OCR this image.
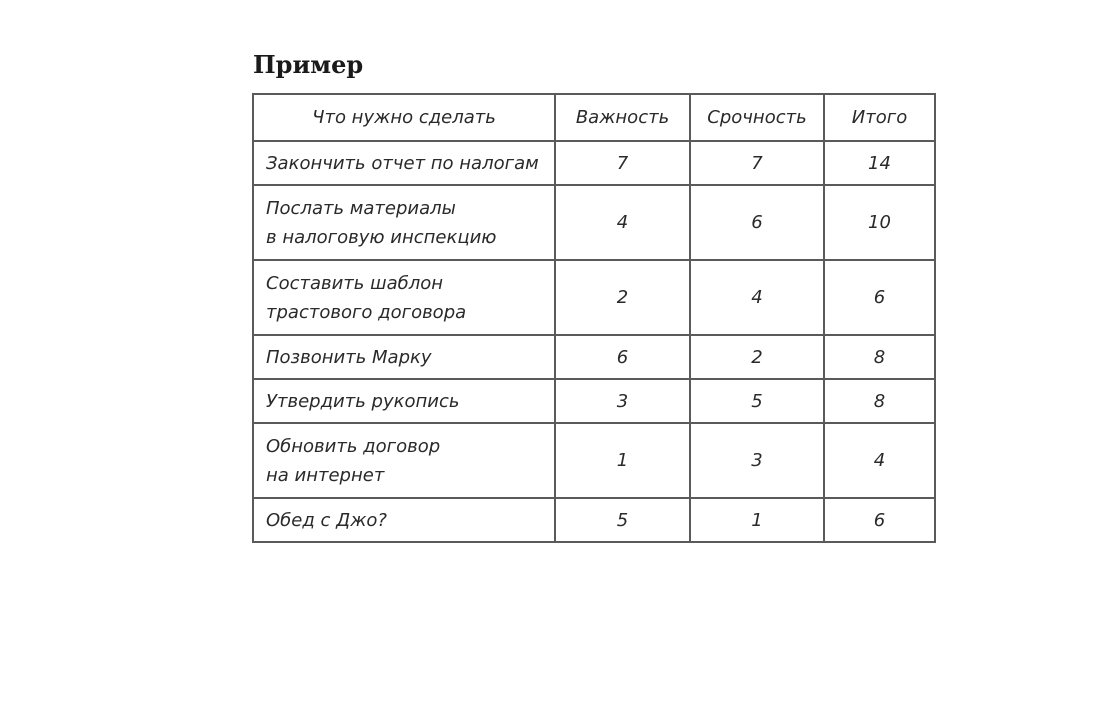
Пример
Что нужно сделать	Важность	Срочность	Итого

Закончить отчет по налогам	7	7	14

Послать материалы
в налоговую инспекцию	4	6	10

Составить шаблон
трастового договора	2	4	6

Позвонить Марку	6	2	8

Утвердить рукопись	3	5	8

Обновить договор
на интернет	1	3	4

Обед с Джо?	5	1	6
